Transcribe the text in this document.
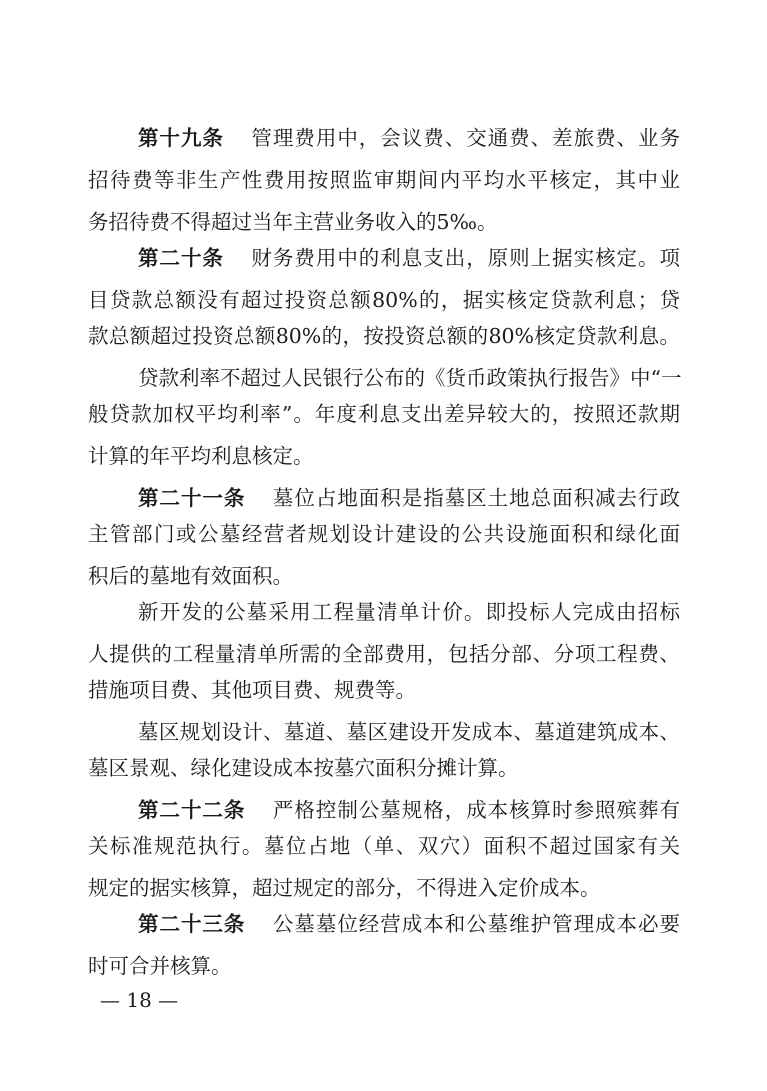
第十九条 管理费用中，会议费、交通费、差旅费、业务
招待费等非生产性费用按照监审期间内平均水平核定，其中业
务招待费不得超过当年主营业务收入的5‰。
第二十条 财务费用中的利息支出，原则上据实核定。项
目贷款总额没有超过投资总额80%的，据实核定贷款利息；贷
款总额超过投资总额80%的，按投资总额的80%核定贷款利息。
贷款利率不超过人民银行公布的《货币政策执行报告》中“一
般贷款加权平均利率”。年度利息支出差异较大的，按照还款期
计算的年平均利息核定。
第二十一条 墓位占地面积是指墓区土地总面积减去行政
主管部门或公墓经营者规划设计建设的公共设施面积和绿化面
积后的墓地有效面积。
新开发的公墓采用工程量清单计价。即投标人完成由招标
人提供的工程量清单所需的全部费用，包括分部、分项工程费、
措施项目费、其他项目费、规费等。
墓区规划设计、墓道、墓区建设开发成本、墓道建筑成本、
墓区景观、绿化建设成本按墓穴面积分摊计算。
第二十二条 严格控制公墓规格，成本核算时参照殡葬有
关标准规范执行。墓位占地（单、双穴）面积不超过国家有关
规定的据实核算，超过规定的部分，不得进入定价成本。
第二十三条 公墓墓位经营成本和公墓维护管理成本必要
时可合并核算。
— 18 —
